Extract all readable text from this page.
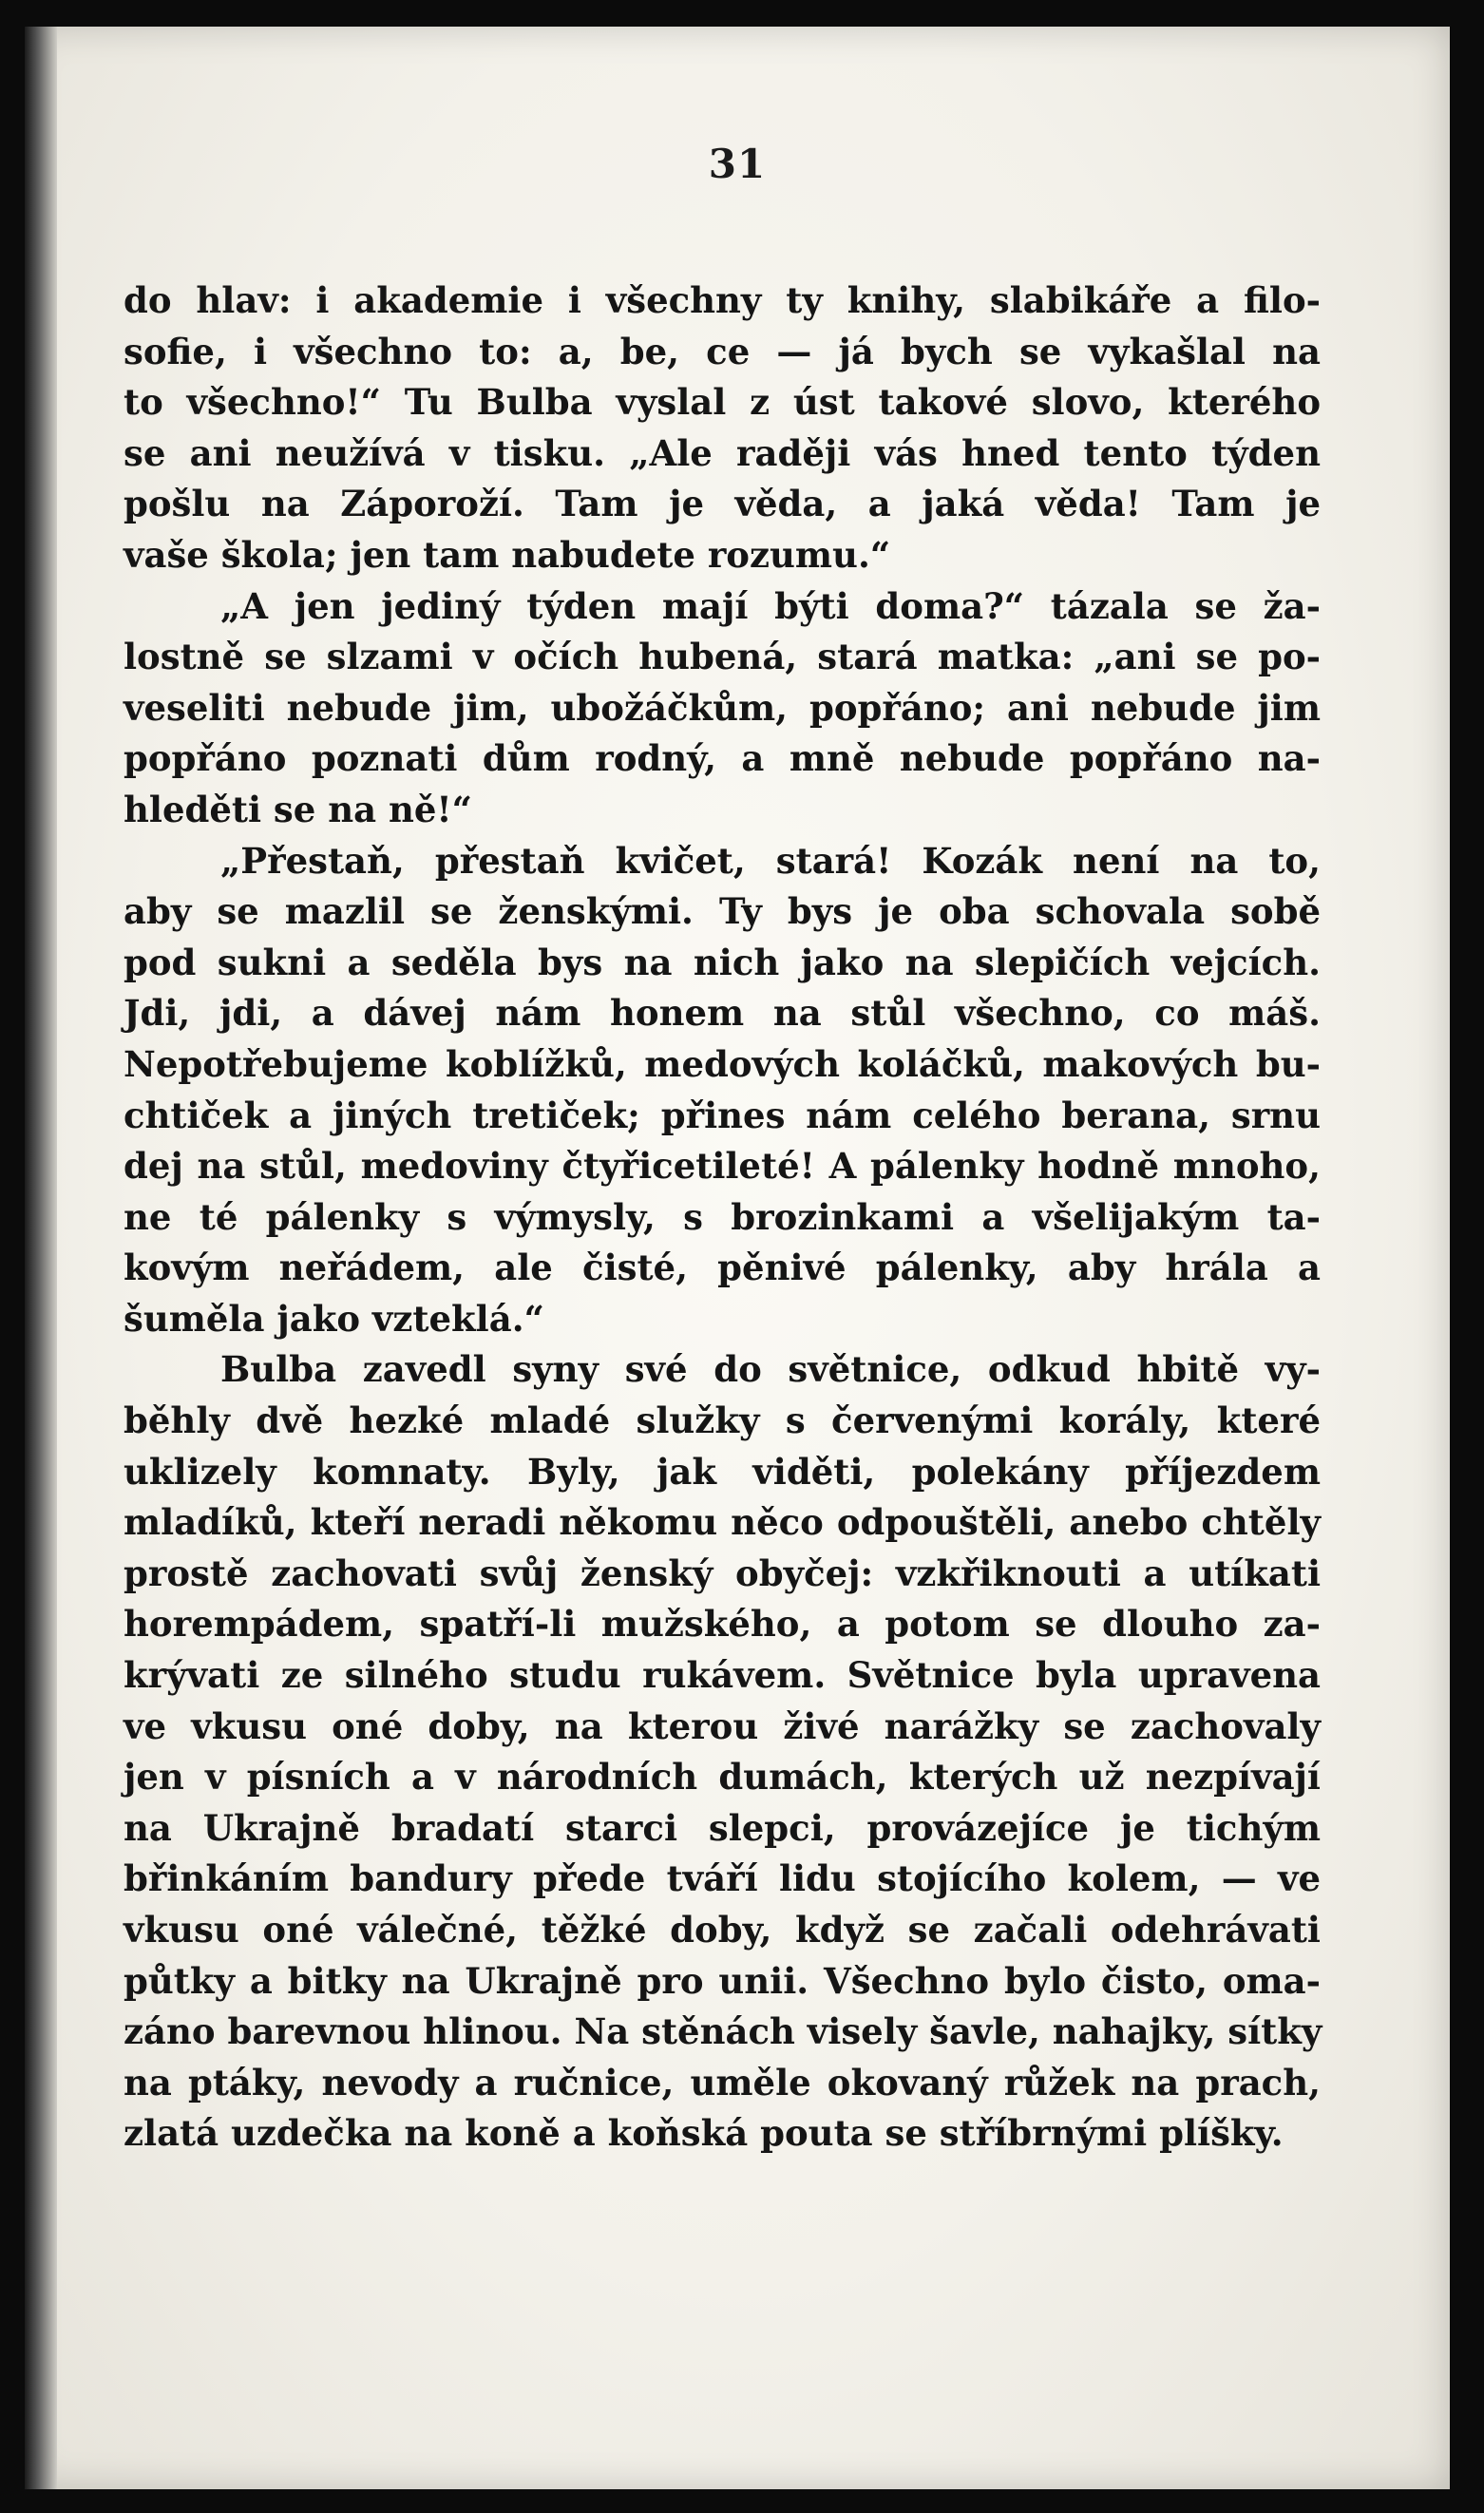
31
do hlav: i akademie i všechny ty knihy, slabikáře a filo-
sofie, i všechno to: a, be, ce — já bych se vykašlal na
to všechno!“ Tu Bulba vyslal z úst takové slovo, kterého
se ani neužívá v tisku. „Ale raději vás hned tento týden
pošlu na Záporoží. Tam je věda, a jaká věda! Tam je
vaše škola; jen tam nabudete rozumu.“
„A jen jediný týden mají býti doma?“ tázala se ža-
lostně se slzami v očích hubená, stará matka: „ani se po-
veseliti nebude jim, ubožáčkům, popřáno; ani nebude jim
popřáno poznati dům rodný, a mně nebude popřáno na-
hleděti se na ně!“
„Přestaň, přestaň kvičet, stará! Kozák není na to,
aby se mazlil se ženskými. Ty bys je oba schovala sobě
pod sukni a seděla bys na nich jako na slepičích vejcích.
Jdi, jdi, a dávej nám honem na stůl všechno, co máš.
Nepotřebujeme koblížků, medových koláčků, makových bu-
chtiček a jiných tretiček; přines nám celého berana, srnu
dej na stůl, medoviny čtyřicetileté! A pálenky hodně mnoho,
ne té pálenky s výmysly, s brozinkami a všelijakým ta-
kovým neřádem, ale čisté, pěnivé pálenky, aby hrála a
šuměla jako vzteklá.“
Bulba zavedl syny své do světnice, odkud hbitě vy-
běhly dvě hezké mladé služky s červenými korály, které
uklizely komnaty. Byly, jak viděti, polekány příjezdem
mladíků, kteří neradi někomu něco odpouštěli, anebo chtěly
prostě zachovati svůj ženský obyčej: vzkřiknouti a utíkati
horempádem, spatří-li mužského, a potom se dlouho za-
krývati ze silného studu rukávem. Světnice byla upravena
ve vkusu oné doby, na kterou živé narážky se zachovaly
jen v písních a v národních dumách, kterých už nezpívají
na Ukrajně bradatí starci slepci, provázejíce je tichým
břinkáním bandury přede tváří lidu stojícího kolem, — ve
vkusu oné válečné, těžké doby, když se začali odehrávati
půtky a bitky na Ukrajně pro unii. Všechno bylo čisto, oma-
záno barevnou hlinou. Na stěnách visely šavle, nahajky, sítky
na ptáky, nevody a ručnice, uměle okovaný růžek na prach,
zlatá uzdečka na koně a koňská pouta se stříbrnými plíšky.
